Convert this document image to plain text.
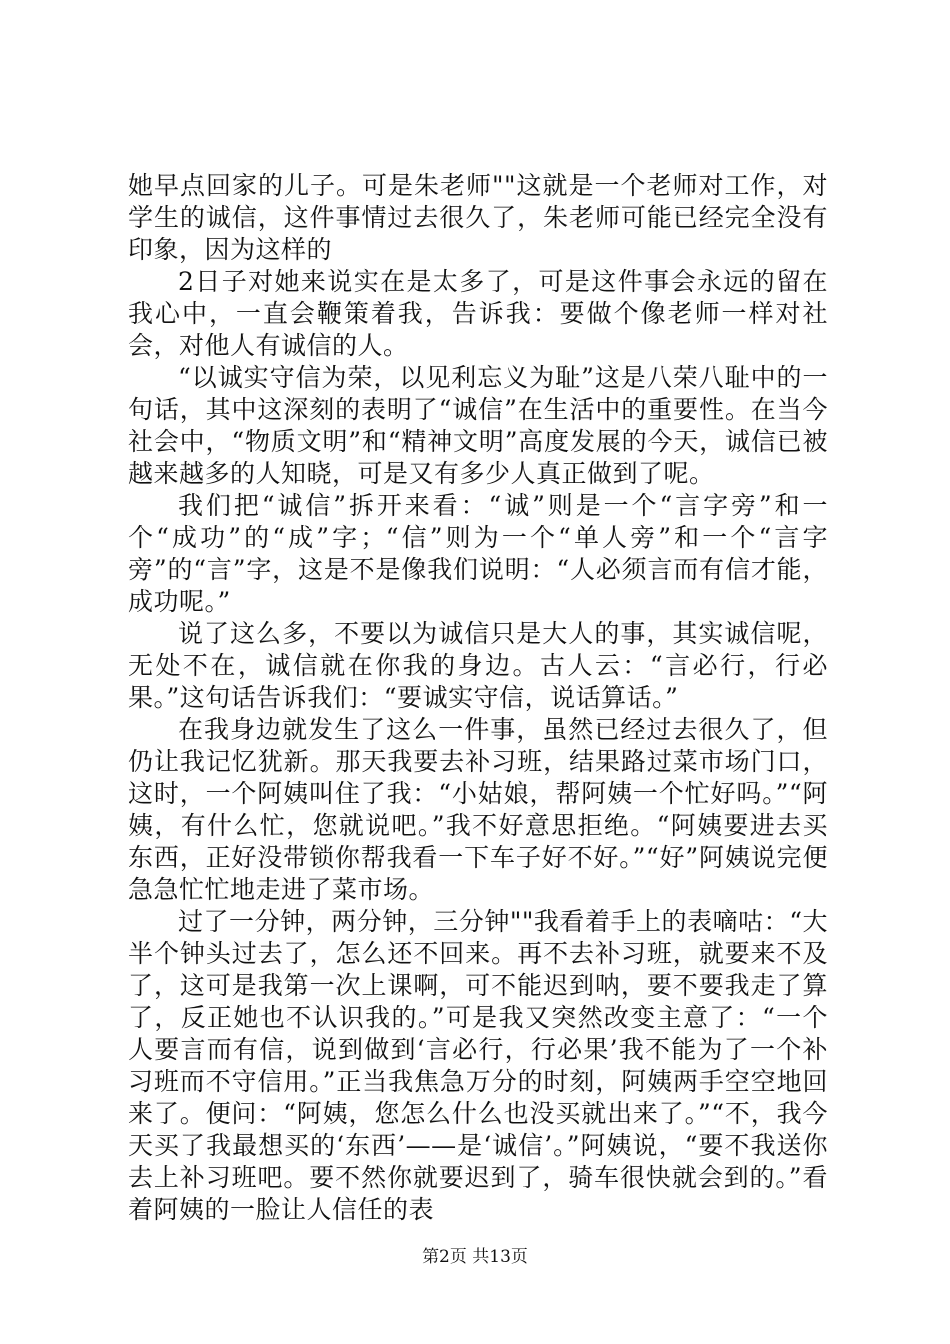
她早点回家的儿子。可是朱老师""这就是一个老师对工作，对学生的诚信，这件事情过去很久了，朱老师可能已经完全没有印象，因为这样的

2日子对她来说实在是太多了，可是这件事会永远的留在我心中，一直会鞭策着我，告诉我：要做个像老师一样对社会，对他人有诚信的人。

“以诚实守信为荣，以见利忘义为耻”这是八荣八耻中的一句话，其中这深刻的表明了“诚信”在生活中的重要性。在当今社会中，“物质文明”和“精神文明”高度发展的今天，诚信已被越来越多的人知晓，可是又有多少人真正做到了呢。

我们把“诚信”拆开来看：“诚”则是一个“言字旁”和一个“成功”的“成”字；“信”则为一个“单人旁”和一个“言字旁”的“言”字，这是不是像我们说明：“人必须言而有信才能，成功呢。”

说了这么多，不要以为诚信只是大人的事，其实诚信呢，无处不在，诚信就在你我的身边。古人云：“言必行，行必果。”这句话告诉我们：“要诚实守信，说话算话。”

在我身边就发生了这么一件事，虽然已经过去很久了，但仍让我记忆犹新。那天我要去补习班，结果路过菜市场门口，这时，一个阿姨叫住了我：“小姑娘，帮阿姨一个忙好吗。”“阿姨，有什么忙，您就说吧。”我不好意思拒绝。“阿姨要进去买东西，正好没带锁你帮我看一下车子好不好。”“好”阿姨说完便急急忙忙地走进了菜市场。

过了一分钟，两分钟，三分钟""我看着手上的表嘀咕：“大半个钟头过去了，怎么还不回来。再不去补习班，就要来不及了，这可是我第一次上课啊，可不能迟到呐，要不要我走了算了，反正她也不认识我的。”可是我又突然改变主意了：“一个人要言而有信，说到做到‘言必行，行必果’我不能为了一个补习班而不守信用。”正当我焦急万分的时刻，阿姨两手空空地回来了。便问：“阿姨，您怎么什么也没买就出来了。”“不，我今天买了我最想买的‘东西’——是‘诚信’。”阿姨说，“要不我送你去上补习班吧。要不然你就要迟到了，骑车很快就会到的。”看着阿姨的一脸让人信任的表

第2页 共13页
